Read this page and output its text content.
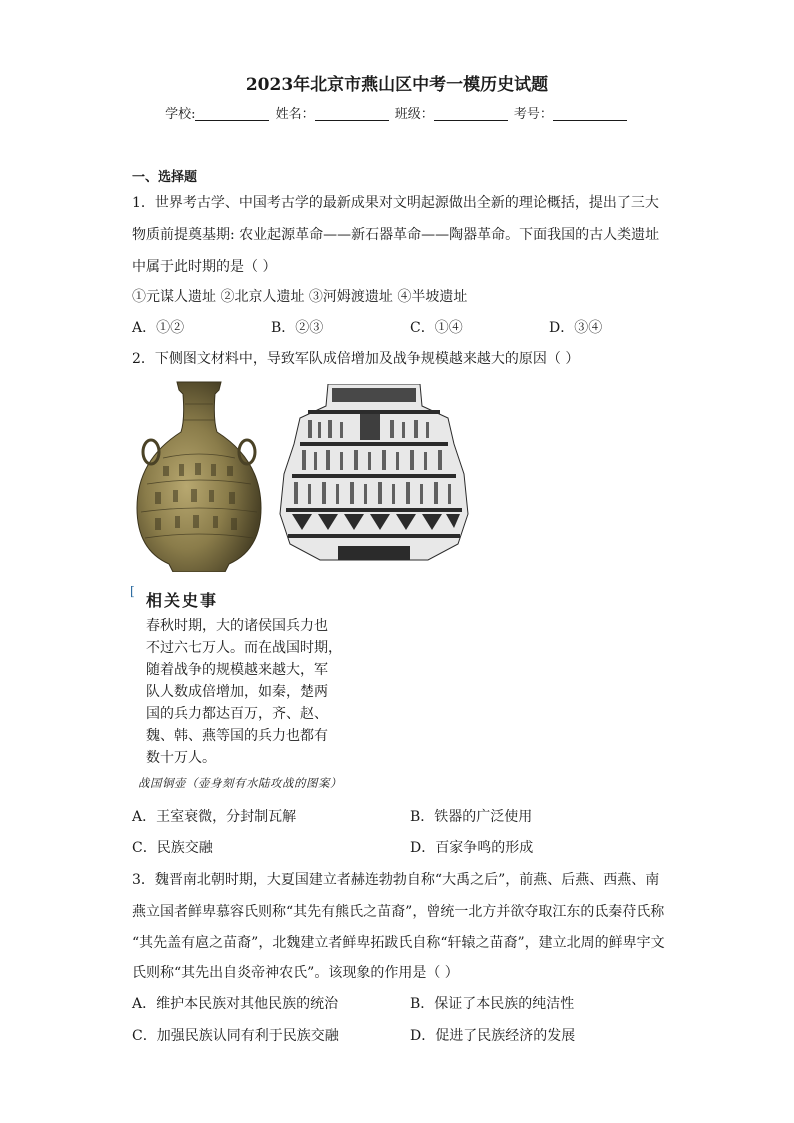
2023年北京市燕山区中考一模历史试题
学校:	姓名：	班级：	考号：
一、选择题
1．世界考古学、中国考古学的最新成果对文明起源做出全新的理论概括，提出了三大
物质前提奠基期: 农业起源革命——新石器革命——陶器革命。下面我国的古人类遗址
中属于此时期的是（ ）
①元谋人遗址 ②北京人遗址 ③河姆渡遗址 ④半坡遗址
A．①②	B．②③	C．①④	D．③④
2．下侧图文材料中，导致军队成倍增加及战争规模越来越大的原因（ ）
[ 相关史事
春秋时期，大的诸侯国兵力也
不过六七万人。而在战国时期，
随着战争的规模越来越大，军
队人数成倍增加，如秦，楚两
国的兵力都达百万，齐、赵、
魏、韩、燕等国的兵力也都有
数十万人。
战国铜壶（壶身刻有水陆攻战的图案）
A．王室衰微，分封制瓦解	B．铁器的广泛使用
C．民族交融	D．百家争鸣的形成
3．魏晋南北朝时期，大夏国建立者赫连勃勃自称“大禹之后”，前燕、后燕、西燕、南
燕立国者鲜卑慕容氏则称“其先有熊氏之苗裔”，曾统一北方并欲夺取江东的氐秦苻氏称
“其先盖有扈之苗裔”，北魏建立者鲜卑拓跋氏自称“轩辕之苗裔”，建立北周的鲜卑宇文
氏则称“其先出自炎帝神农氏”。该现象的作用是（ ）
A．维护本民族对其他民族的统治	B．保证了本民族的纯洁性
C．加强民族认同有利于民族交融	D．促进了民族经济的发展
